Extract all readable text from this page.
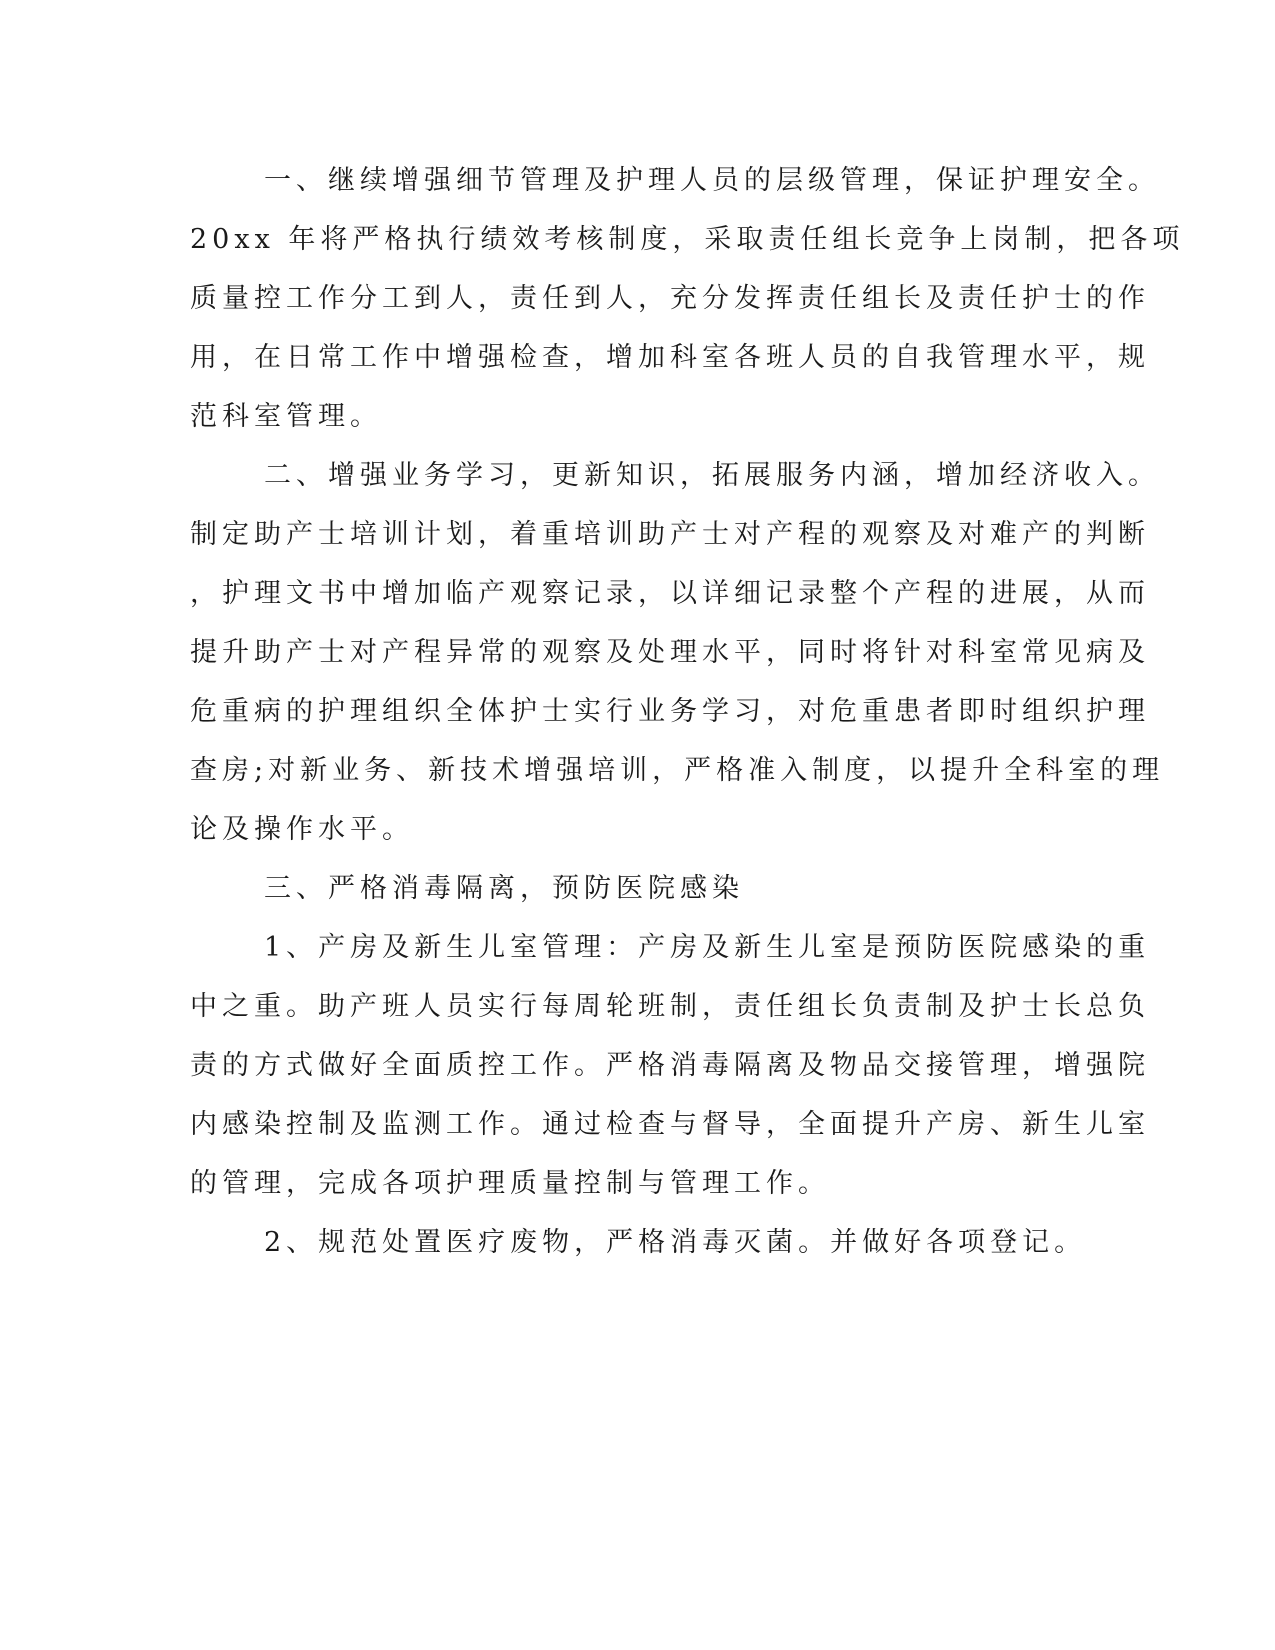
一、继续增强细节管理及护理人员的层级管理，保证护理安全。
20xx 年将严格执行绩效考核制度，采取责任组长竞争上岗制，把各项
质量控工作分工到人，责任到人，充分发挥责任组长及责任护士的作
用，在日常工作中增强检查，增加科室各班人员的自我管理水平，规
范科室管理。
二、增强业务学习，更新知识，拓展服务内涵，增加经济收入。
制定助产士培训计划，着重培训助产士对产程的观察及对难产的判断
，护理文书中增加临产观察记录，以详细记录整个产程的进展，从而
提升助产士对产程异常的观察及处理水平，同时将针对科室常见病及
危重病的护理组织全体护士实行业务学习，对危重患者即时组织护理
查房;对新业务、新技术增强培训，严格准入制度，以提升全科室的理
论及操作水平。
三、严格消毒隔离，预防医院感染
1、产房及新生儿室管理：产房及新生儿室是预防医院感染的重
中之重。助产班人员实行每周轮班制，责任组长负责制及护士长总负
责的方式做好全面质控工作。严格消毒隔离及物品交接管理，增强院
内感染控制及监测工作。通过检查与督导，全面提升产房、新生儿室
的管理，完成各项护理质量控制与管理工作。
2、规范处置医疗废物，严格消毒灭菌。并做好各项登记。
